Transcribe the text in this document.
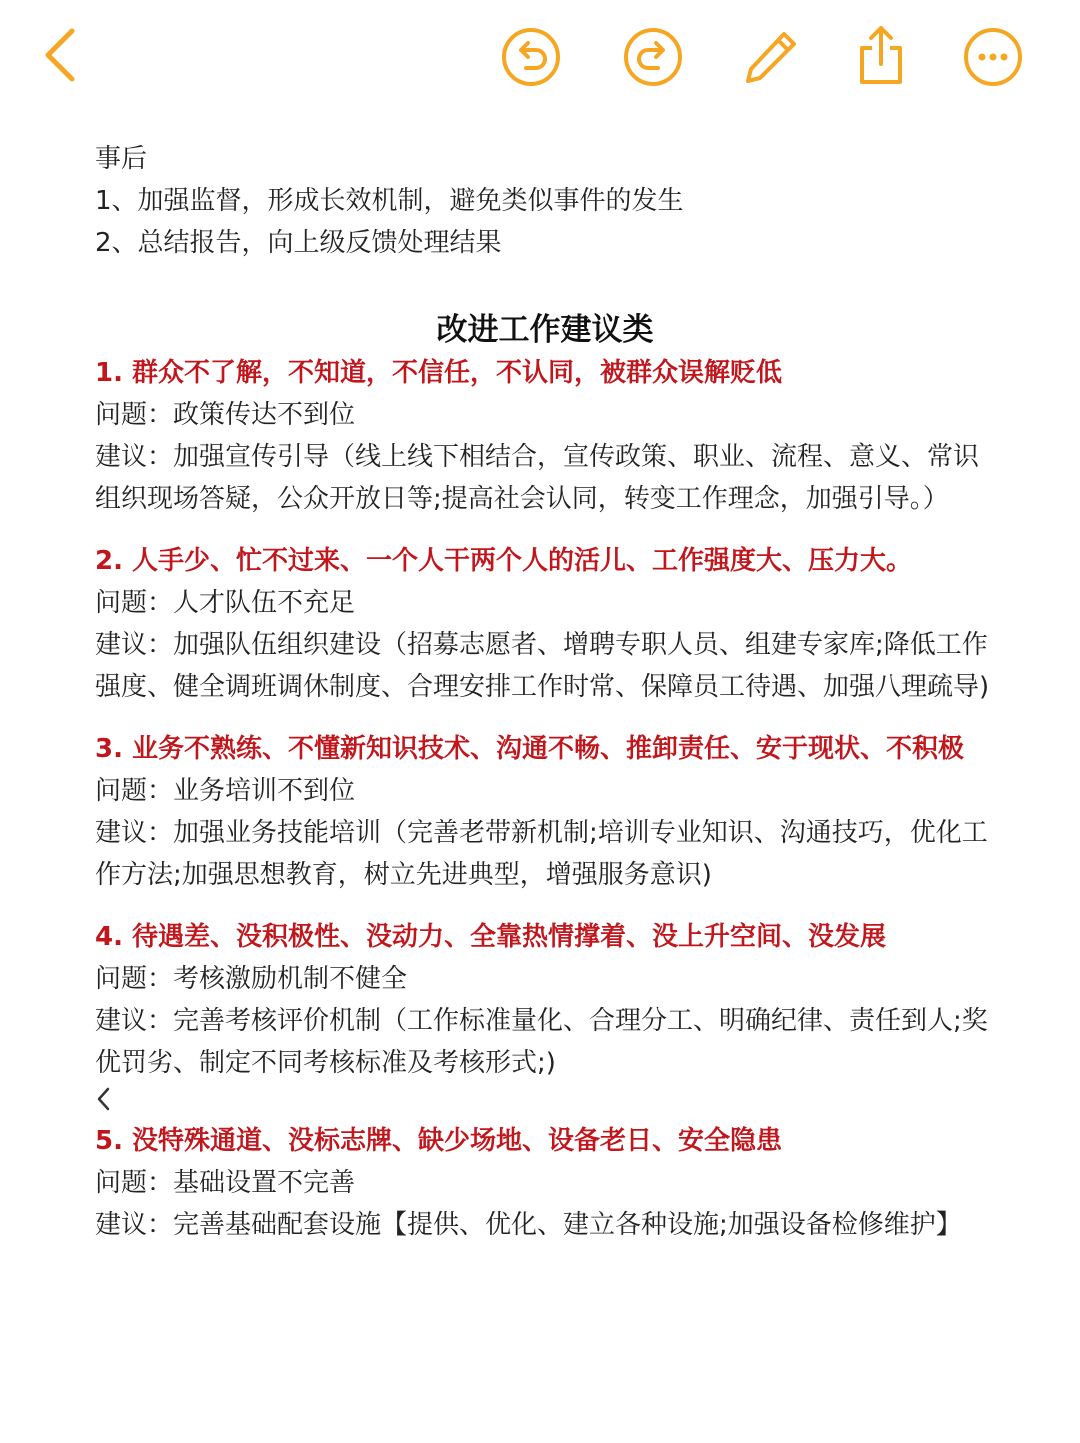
事后
1、加强监督，形成长效机制，避免类似事件的发生
2、总结报告，向上级反馈处理结果
改进工作建议类
1. 群众不了解，不知道，不信任，不认同，被群众误解贬低
问题：政策传达不到位
建议：加强宣传引导（线上线下相结合，宣传政策、职业、流程、意义、常识组织现场答疑，公众开放日等;提高社会认同，转变工作理念，加强引导。）
2. 人手少、忙不过来、一个人干两个人的活儿、工作强度大、压力大。
问题：人才队伍不充足
建议：加强队伍组织建设（招募志愿者、增聘专职人员、组建专家库;降低工作强度、健全调班调休制度、合理安排工作时常、保障员工待遇、加强八理疏导)
3. 业务不熟练、不懂新知识技术、沟通不畅、推卸责任、安于现状、不积极
问题：业务培训不到位
建议：加强业务技能培训（完善老带新机制;培训专业知识、沟通技巧，优化工作方法;加强思想教育，树立先进典型，增强服务意识)
4. 待遇差、没积极性、没动力、全靠热情撑着、没上升空间、没发展
问题：考核激励机制不健全
建议：完善考核评价机制（工作标准量化、合理分工、明确纪律、责任到人;奖优罚劣、制定不同考核标准及考核形式;)
5. 没特殊通道、没标志牌、缺少场地、设备老日、安全隐患
问题：基础设置不完善
建议：完善基础配套设施【提供、优化、建立各种设施;加强设备检修维护】
